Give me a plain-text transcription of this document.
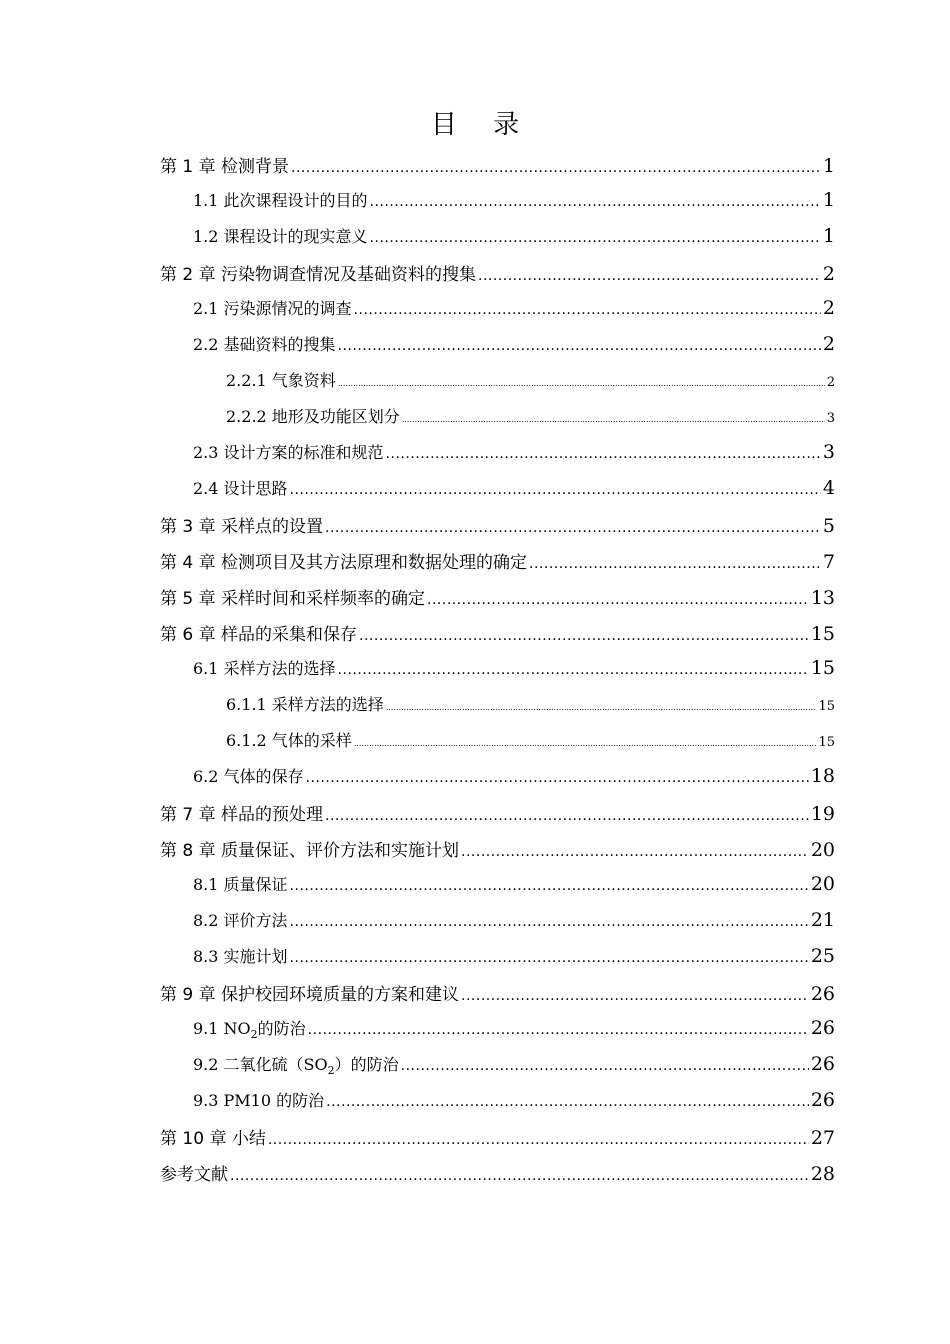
目 录
第 1 章 检测背景 .....	1
1.1 此次课程设计的目的 .....	1
1.2 课程设计的现实意义 .....	1
第 2 章 污染物调查情况及基础资料的搜集 .....	2
2.1 污染源情况的调查 .....	2
2.2 基础资料的搜集 .....	2
2.2.1 气象资料 .....	2
2.2.2 地形及功能区划分 .....	3
2.3 设计方案的标准和规范 .....	3
2.4 设计思路 .....	4
第 3 章 采样点的设置 .....	5
第 4 章 检测项目及其方法原理和数据处理的确定 .....	7
第 5 章 采样时间和采样频率的确定 .....	13
第 6 章 样品的采集和保存 .....	15
6.1 采样方法的选择 .....	15
6.1.1 采样方法的选择 .....	15
6.1.2 气体的采样 .....	15
6.2 气体的保存 .....	18
第 7 章 样品的预处理 .....	19
第 8 章 质量保证、评价方法和实施计划 .....	20
8.1 质量保证 .....	20
8.2 评价方法 .....	21
8.3 实施计划 .....	25
第 9 章 保护校园环境质量的方案和建议 .....	26
9.1 $NO_2$的防治 .....	26
9.2 二氧化硫$(SO_2)$的防治 .....	26
9.3 PM10 的防治 .....	26
第 10 章 小结 .....	27
参考文献 .....	28
